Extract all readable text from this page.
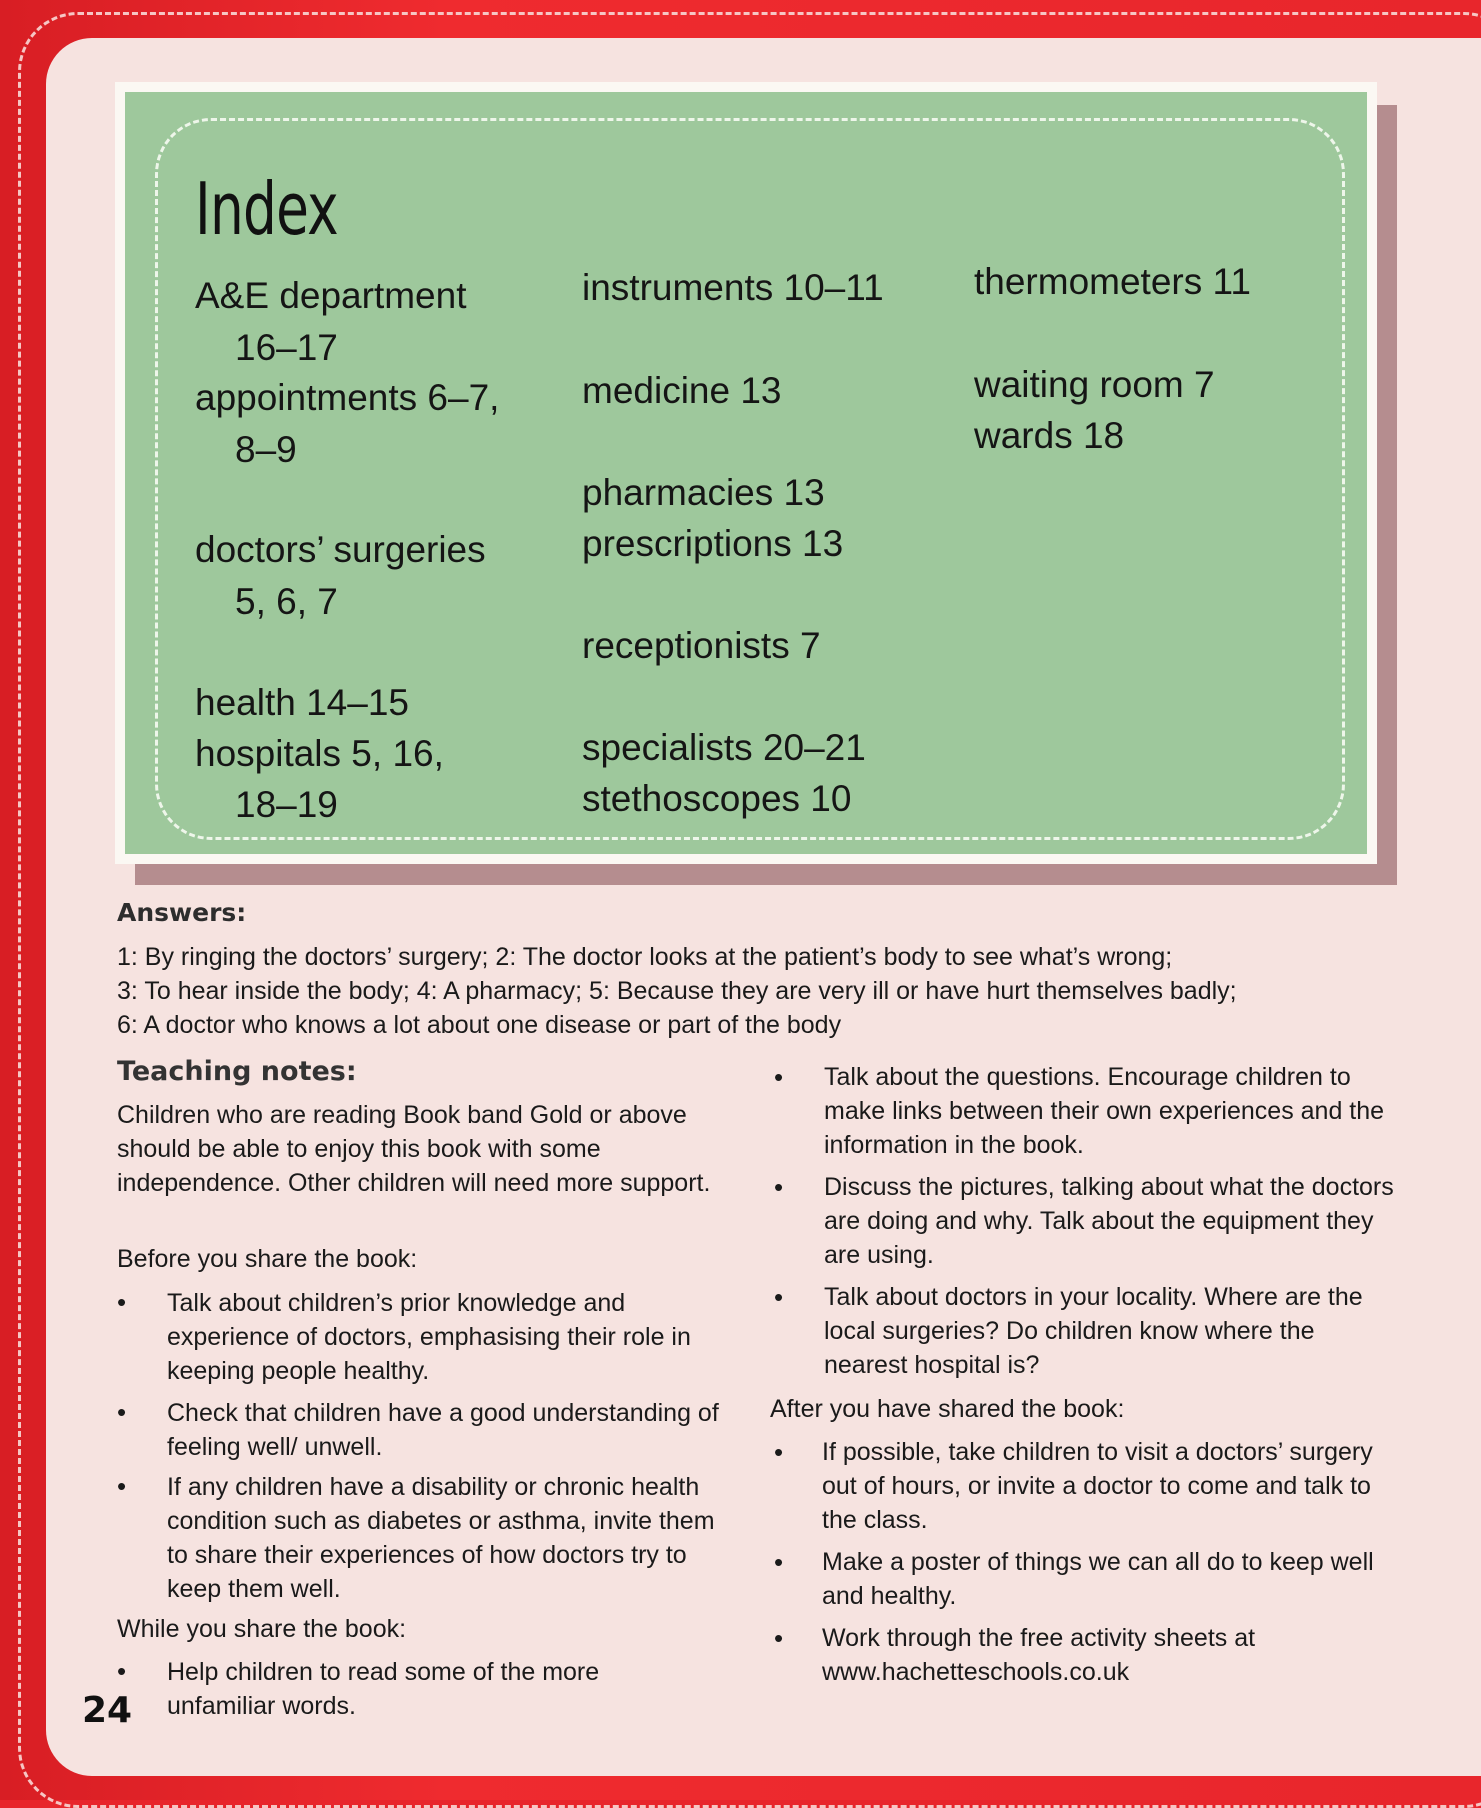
Index
A&E department
16–17
appointments 6–7,
8–9
doctors’ surgeries
5, 6, 7
health 14–15
hospitals 5, 16,
18–19
instruments 10–11
medicine 13
pharmacies 13
prescriptions 13
receptionists 7
specialists 20–21
stethoscopes 10
thermometers 11
waiting room 7
wards 18
Answers:
1: By ringing the doctors’ surgery; 2: The doctor looks at the patient’s body to see what’s wrong;
3: To hear inside the body; 4: A pharmacy; 5: Because they are very ill or have hurt themselves badly;
6: A doctor who knows a lot about one disease or part of the body
Teaching notes:
Children who are reading Book band Gold or above should be able to enjoy this book with some independence. Other children will need more support.
Before you share the book:
• Talk about children’s prior knowledge and experience of doctors, emphasising their role in keeping people healthy.
• Check that children have a good understanding of feeling well/ unwell.
• If any children have a disability or chronic health condition such as diabetes or asthma, invite them to share their experiences of how doctors try to keep them well.
While you share the book:
• Help children to read some of the more unfamiliar words.
• Talk about the questions. Encourage children to make links between their own experiences and the information in the book.
• Discuss the pictures, talking about what the doctors are doing and why. Talk about the equipment they are using.
• Talk about doctors in your locality. Where are the local surgeries? Do children know where the nearest hospital is?
After you have shared the book:
• If possible, take children to visit a doctors’ surgery out of hours, or invite a doctor to come and talk to the class.
• Make a poster of things we can all do to keep well and healthy.
• Work through the free activity sheets at www.hachetteschools.co.uk
24
